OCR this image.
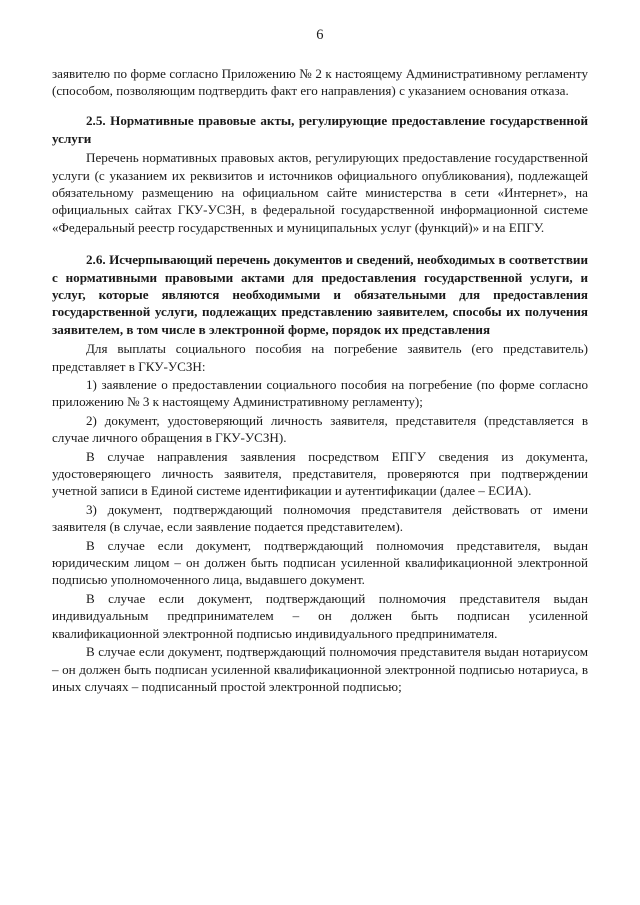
6

заявителю по форме согласно Приложению № 2 к настоящему Административному регламенту (способом, позволяющим подтвердить факт его направления) с указанием основания отказа.

2.5. Нормативные правовые акты, регулирующие предоставление государственной услуги

Перечень нормативных правовых актов, регулирующих предоставление государственной услуги (с указанием их реквизитов и источников официального опубликования), подлежащей обязательному размещению на официальном сайте министерства в сети «Интернет», на официальных сайтах ГКУ-УСЗН, в федеральной государственной информационной системе «Федеральный реестр государственных и муниципальных услуг (функций)» и на ЕПГУ.

2.6. Исчерпывающий перечень документов и сведений, необходимых в соответствии с нормативными правовыми актами для предоставления государственной услуги, и услуг, которые являются необходимыми и обязательными для предоставления государственной услуги, подлежащих представлению заявителем, способы их получения заявителем, в том числе в электронной форме, порядок их представления

Для выплаты социального пособия на погребение заявитель (его представитель) представляет в ГКУ-УСЗН:

1) заявление о предоставлении социального пособия на погребение (по форме согласно приложению № 3 к настоящему Административному регламенту);

2) документ, удостоверяющий личность заявителя, представителя (представляется в случае личного обращения в ГКУ-УСЗН).

В случае направления заявления посредством ЕПГУ сведения из документа, удостоверяющего личность заявителя, представителя, проверяются при подтверждении учетной записи в Единой системе идентификации и аутентификации (далее – ЕСИА).

3) документ, подтверждающий полномочия представителя действовать от имени заявителя (в случае, если заявление подается представителем).

В случае если документ, подтверждающий полномочия представителя, выдан юридическим лицом – он должен быть подписан усиленной квалификационной электронной подписью уполномоченного лица, выдавшего документ.

В случае если документ, подтверждающий полномочия представителя выдан индивидуальным предпринимателем – он должен быть подписан усиленной квалификационной электронной подписью индивидуального предпринимателя.

В случае если документ, подтверждающий полномочия представителя выдан нотариусом – он должен быть подписан усиленной квалификационной электронной подписью нотариуса, в иных случаях – подписанный простой электронной подписью;
